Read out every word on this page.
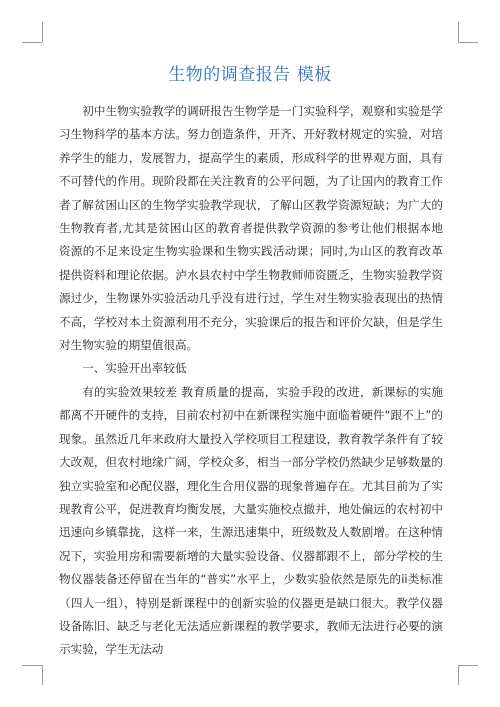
生物的调查报告 模板

初中生物实验教学的调研报告生物学是一门实验科学，观察和实验是学习生物科学的基本方法。努力创造条件，开齐、开好教材规定的实验，对培养学生的能力，发展智力，提高学生的素质，形成科学的世界观方面，具有不可替代的作用。现阶段都在关注教育的公平问题，为了让国内的教育工作者了解贫困山区的生物学实验教学现状，了解山区教学资源短缺；为广大的生物教育者,尤其是贫困山区的教育者提供教学资源的参考让他们根据本地资源的不足来设定生物实验课和生物实践活动课；同时,为山区的教育改革提供资料和理论依据。泸水县农村中学生物教师师资匮乏，生物实验教学资源过少，生物课外实验活动几乎没有进行过，学生对生物实验表现出的热情不高，学校对本土资源利用不充分，实验课后的报告和评价欠缺，但是学生对生物实验的期望值很高。

一、实验开出率较低

有的实验效果较差 教育质量的提高，实验手段的改进，新课标的实施都离不开硬件的支持，目前农村初中在新课程实施中面临着硬件“跟不上”的现象。虽然近几年来政府大量投入学校项目工程建设，教育教学条件有了较大改观，但农村地缘广阔，学校众多，相当一部分学校仍然缺少足够数量的独立实验室和必配仪器，理化生合用仪器的现象普遍存在。尤其目前为了实现教育公平，促进教育均衡发展，大量实施校点撤并，地处偏远的农村初中迅速向乡镇靠拢，这样一来，生源迅速集中，班级数及人数剧增。在这种情况下，实验用房和需要新增的大量实验设备、仪器都跟不上，部分学校的生物仪器装备还停留在当年的“普实”水平上，少数实验依然是原先的ii类标准（四人一组），特别是新课程中的创新实验的仪器更是缺口很大。教学仪器设备陈旧、缺乏与老化无法适应新课程的教学要求，教师无法进行必要的演示实验，学生无法动
